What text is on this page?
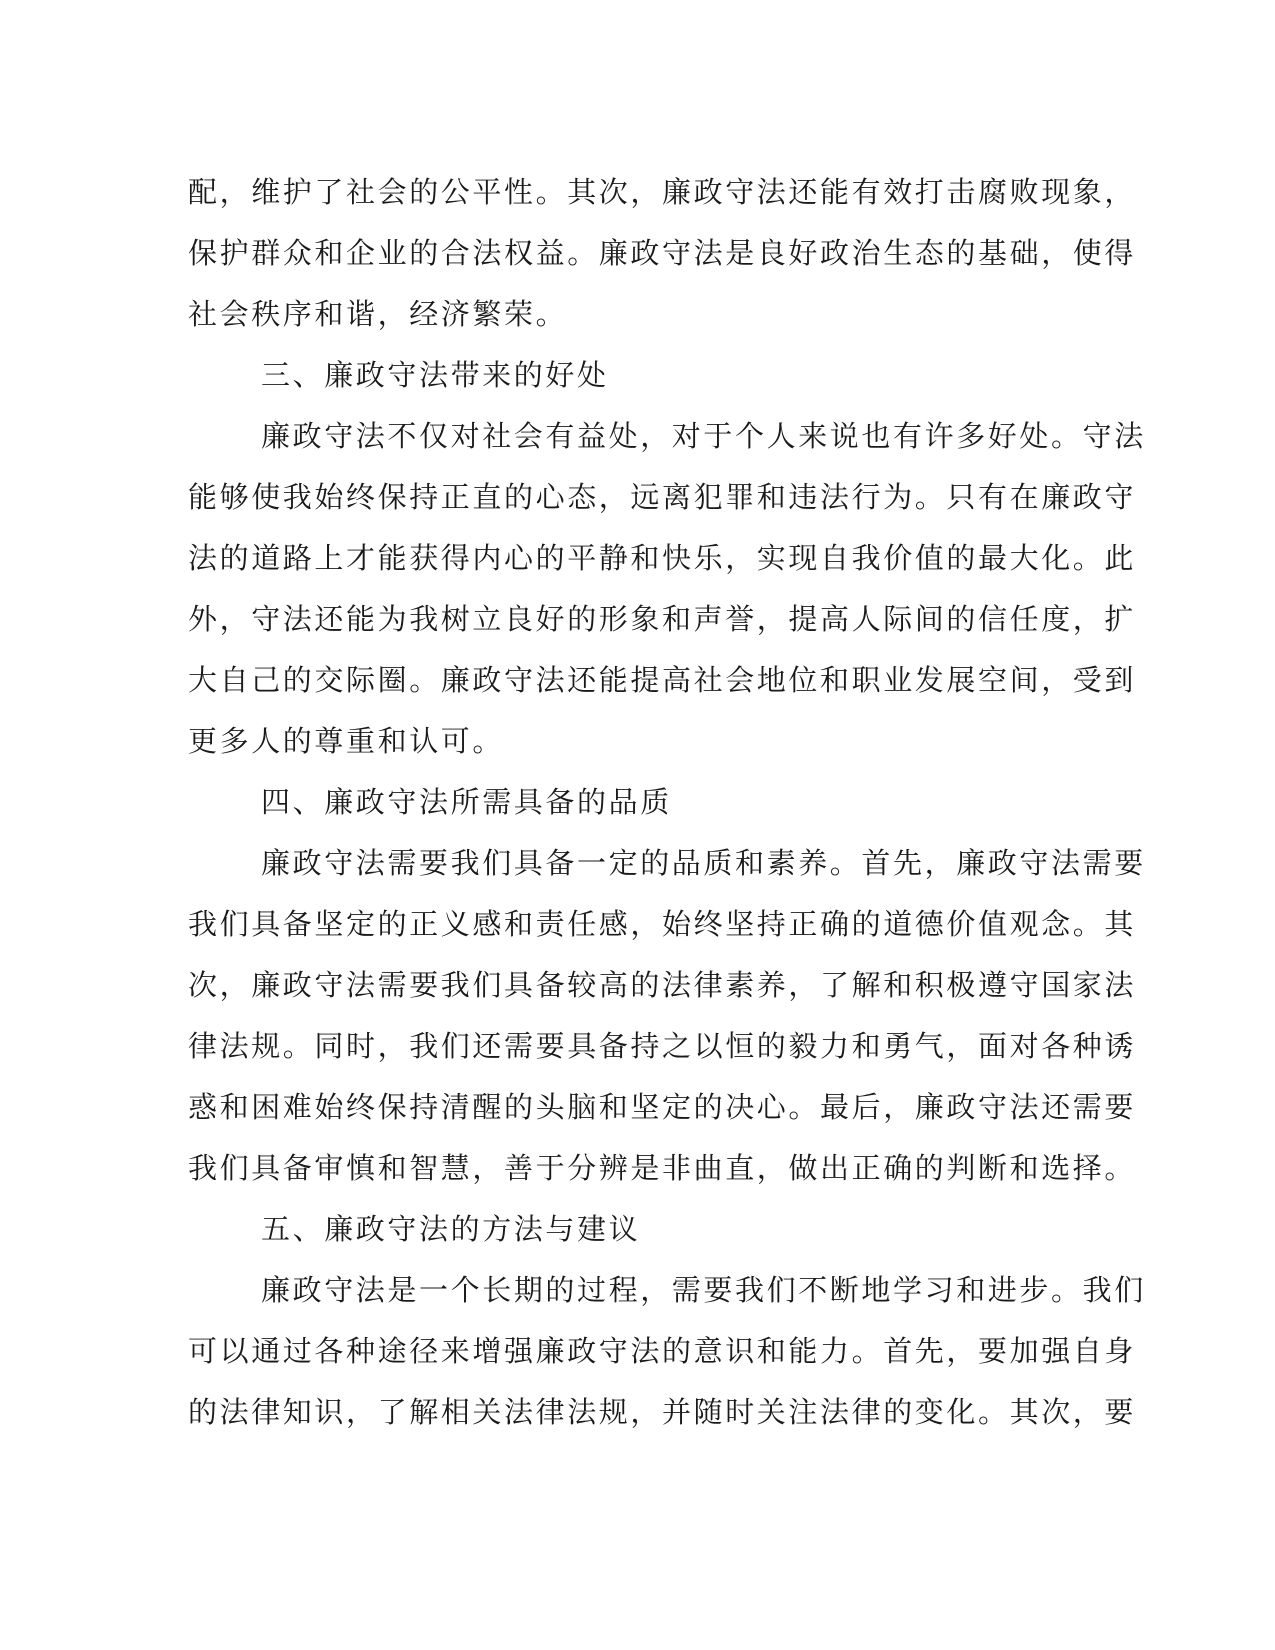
配，维护了社会的公平性。其次，廉政守法还能有效打击腐败现象，
保护群众和企业的合法权益。廉政守法是良好政治生态的基础，使得
社会秩序和谐，经济繁荣。
三、廉政守法带来的好处
廉政守法不仅对社会有益处，对于个人来说也有许多好处。守法
能够使我始终保持正直的心态，远离犯罪和违法行为。只有在廉政守
法的道路上才能获得内心的平静和快乐，实现自我价值的最大化。此
外，守法还能为我树立良好的形象和声誉，提高人际间的信任度，扩
大自己的交际圈。廉政守法还能提高社会地位和职业发展空间，受到
更多人的尊重和认可。
四、廉政守法所需具备的品质
廉政守法需要我们具备一定的品质和素养。首先，廉政守法需要
我们具备坚定的正义感和责任感，始终坚持正确的道德价值观念。其
次，廉政守法需要我们具备较高的法律素养，了解和积极遵守国家法
律法规。同时，我们还需要具备持之以恒的毅力和勇气，面对各种诱
惑和困难始终保持清醒的头脑和坚定的决心。最后，廉政守法还需要
我们具备审慎和智慧，善于分辨是非曲直，做出正确的判断和选择。
五、廉政守法的方法与建议
廉政守法是一个长期的过程，需要我们不断地学习和进步。我们
可以通过各种途径来增强廉政守法的意识和能力。首先，要加强自身
的法律知识，了解相关法律法规，并随时关注法律的变化。其次，要
